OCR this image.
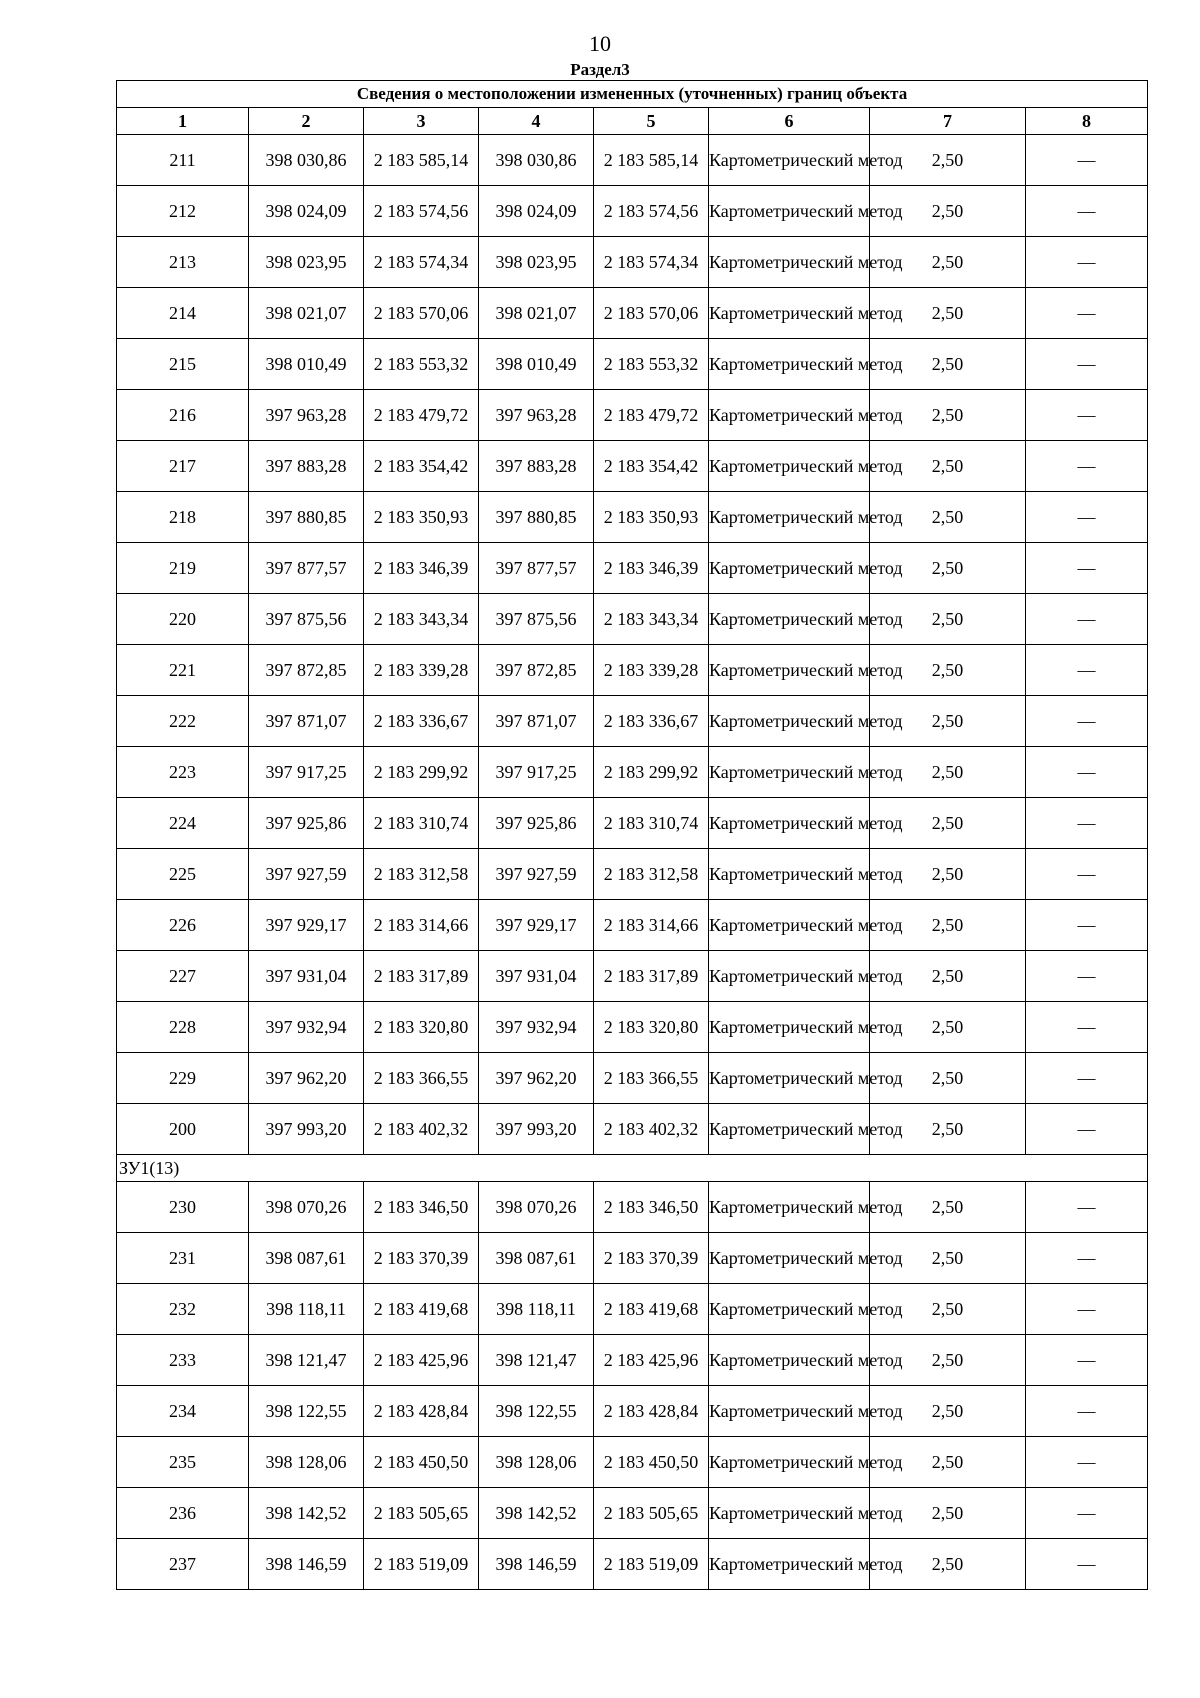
10
Раздел3
Сведения о местоположении измененных (уточненных) границ объекта							
1	2	3	4	5	6	7	8
211	398 030,86	2 183 585,14	398 030,86	2 183 585,14	Картометрический метод	2,50	—
212	398 024,09	2 183 574,56	398 024,09	2 183 574,56	Картометрический метод	2,50	—
213	398 023,95	2 183 574,34	398 023,95	2 183 574,34	Картометрический метод	2,50	—
214	398 021,07	2 183 570,06	398 021,07	2 183 570,06	Картометрический метод	2,50	—
215	398 010,49	2 183 553,32	398 010,49	2 183 553,32	Картометрический метод	2,50	—
216	397 963,28	2 183 479,72	397 963,28	2 183 479,72	Картометрический метод	2,50	—
217	397 883,28	2 183 354,42	397 883,28	2 183 354,42	Картометрический метод	2,50	—
218	397 880,85	2 183 350,93	397 880,85	2 183 350,93	Картометрический метод	2,50	—
219	397 877,57	2 183 346,39	397 877,57	2 183 346,39	Картометрический метод	2,50	—
220	397 875,56	2 183 343,34	397 875,56	2 183 343,34	Картометрический метод	2,50	—
221	397 872,85	2 183 339,28	397 872,85	2 183 339,28	Картометрический метод	2,50	—
222	397 871,07	2 183 336,67	397 871,07	2 183 336,67	Картометрический метод	2,50	—
223	397 917,25	2 183 299,92	397 917,25	2 183 299,92	Картометрический метод	2,50	—
224	397 925,86	2 183 310,74	397 925,86	2 183 310,74	Картометрический метод	2,50	—
225	397 927,59	2 183 312,58	397 927,59	2 183 312,58	Картометрический метод	2,50	—
226	397 929,17	2 183 314,66	397 929,17	2 183 314,66	Картометрический метод	2,50	—
227	397 931,04	2 183 317,89	397 931,04	2 183 317,89	Картометрический метод	2,50	—
228	397 932,94	2 183 320,80	397 932,94	2 183 320,80	Картометрический метод	2,50	—
229	397 962,20	2 183 366,55	397 962,20	2 183 366,55	Картометрический метод	2,50	—
200	397 993,20	2 183 402,32	397 993,20	2 183 402,32	Картометрический метод	2,50	—
ЗУ1(13)							
230	398 070,26	2 183 346,50	398 070,26	2 183 346,50	Картометрический метод	2,50	—
231	398 087,61	2 183 370,39	398 087,61	2 183 370,39	Картометрический метод	2,50	—
232	398 118,11	2 183 419,68	398 118,11	2 183 419,68	Картометрический метод	2,50	—
233	398 121,47	2 183 425,96	398 121,47	2 183 425,96	Картометрический метод	2,50	—
234	398 122,55	2 183 428,84	398 122,55	2 183 428,84	Картометрический метод	2,50	—
235	398 128,06	2 183 450,50	398 128,06	2 183 450,50	Картометрический метод	2,50	—
236	398 142,52	2 183 505,65	398 142,52	2 183 505,65	Картометрический метод	2,50	—
237	398 146,59	2 183 519,09	398 146,59	2 183 519,09	Картометрический метод	2,50	—
